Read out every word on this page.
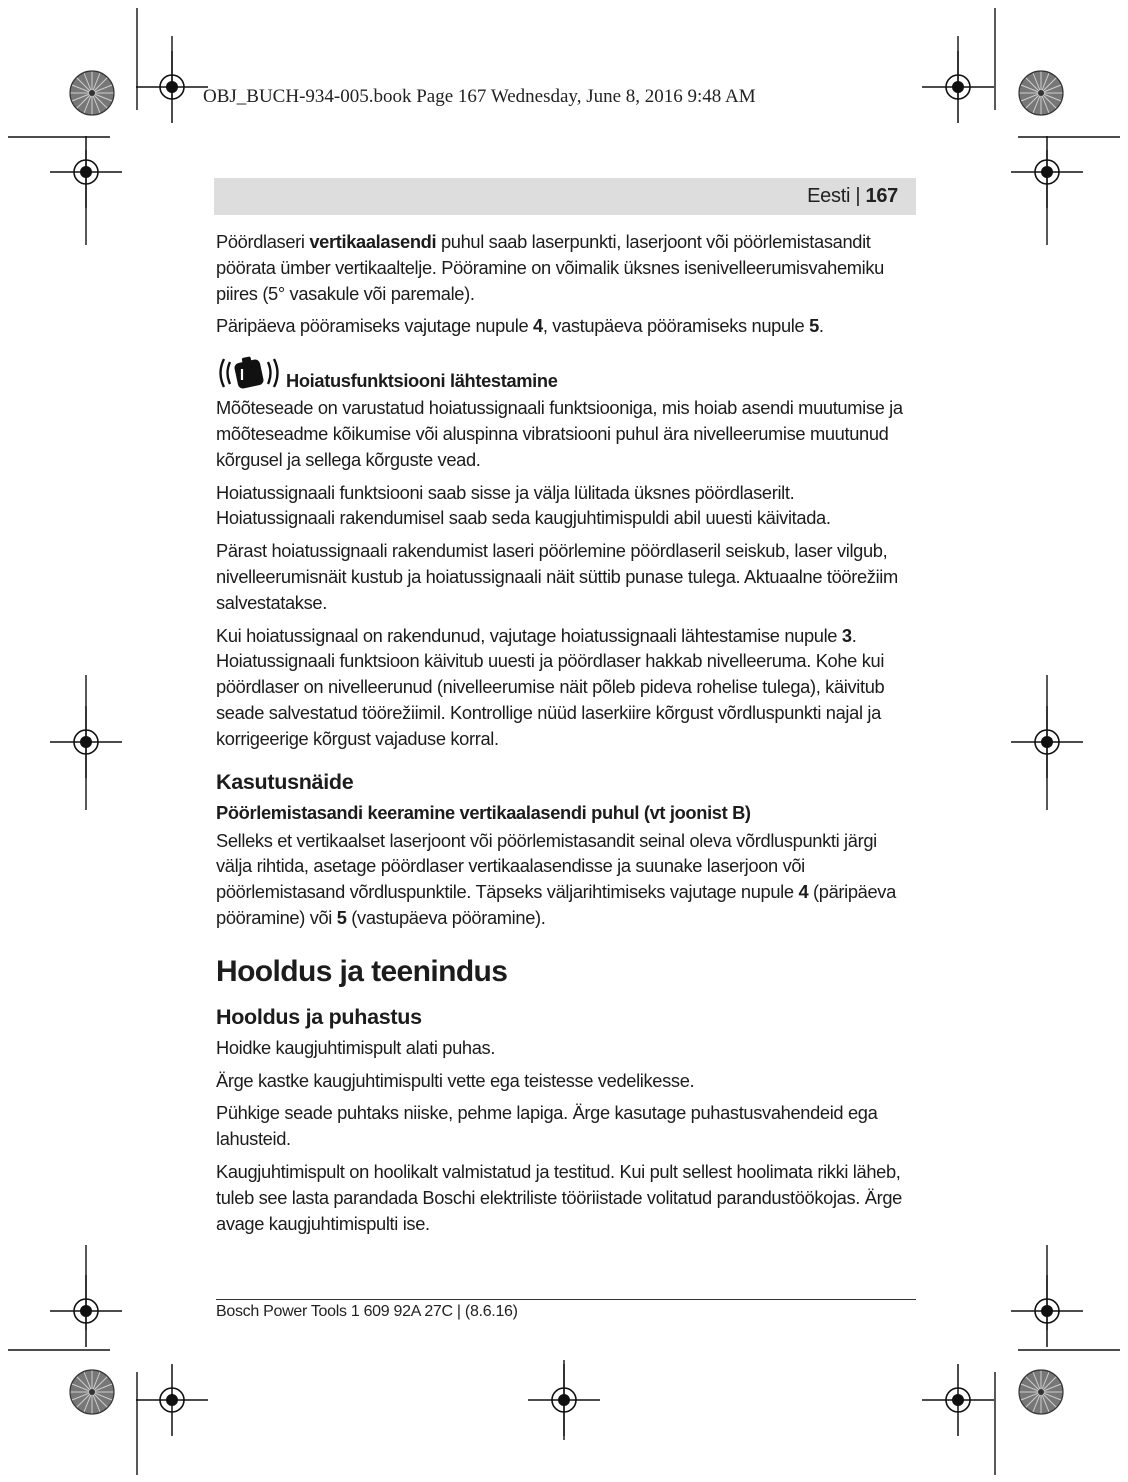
OBJ_BUCH-934-005.book Page 167 Wednesday, June 8, 2016 9:48 AM
Eesti | 167

Pöördlaseri vertikaalasendi puhul saab laserpunkti, laserjoont või pöörlemistasandit pöörata ümber vertikaaltelje. Pööramine on võimalik üksnes isenivelleerumisvahemiku piires (5° vasakule või paremale).

Päripäeva pööramiseks vajutage nupule 4, vastupäeva pööramiseks nupule 5.

Hoiatusfunktsiooni lähtestamine

Mõõteseade on varustatud hoiatussignaali funktsiooniga, mis hoiab asendi muutumise ja mõõteseadme kõikumise või aluspinna vibratsiooni puhul ära nivelleerumise muutunud kõrgusel ja sellega kõrguste vead.

Hoiatussignaali funktsiooni saab sisse ja välja lülitada üksnes pöördlaserilt. Hoiatussignaali rakendumisel saab seda kaugjuhtimispuldi abil uuesti käivitada.

Pärast hoiatussignaali rakendumist laseri pöörlemine pöördlaseril seiskub, laser vilgub, nivelleerumisnäit kustub ja hoiatussignaali näit süttib punase tulega. Aktuaalne töörežiim salvestatakse.

Kui hoiatussignaal on rakendunud, vajutage hoiatussignaali lähtestamise nupule 3. Hoiatussignaali funktsioon käivitub uuesti ja pöördlaser hakkab nivelleeruma. Kohe kui pöördlaser on nivelleerunud (nivelleerumise näit põleb pideva rohelise tulega), käivitub seade salvestatud töörežiimil. Kontrollige nüüd laserkiire kõrgust võrdluspunkti najal ja korrigeerige kõrgust vajaduse korral.

Kasutusnäide
Pöörlemistasandi keeramine vertikaalasendi puhul (vt joonist B)

Selleks et vertikaalset laserjoont või pöörlemistasandit seinal oleva võrdluspunkti järgi välja rihtida, asetage pöördlaser vertikaalasendisse ja suunake laserjoon või pöörlemistasand võrdluspunktile. Täpseks väljarihtimiseks vajutage nupule 4 (päripäeva pööramine) või 5 (vastupäeva pööramine).

Hooldus ja teenindus
Hooldus ja puhastus

Hoidke kaugjuhtimispult alati puhas.

Ärge kastke kaugjuhtimispulti vette ega teistesse vedelikesse.

Pühkige seade puhtaks niiske, pehme lapiga. Ärge kasutage puhastusvahendeid ega lahusteid.

Kaugjuhtimispult on hoolikalt valmistatud ja testitud. Kui pult sellest hoolimata rikki läheb, tuleb see lasta parandada Boschi elektriliste tööriistade volitatud parandustöökojas. Ärge avage kaugjuhtimispulti ise.

Bosch Power Tools 1 609 92A 27C | (8.6.16)
